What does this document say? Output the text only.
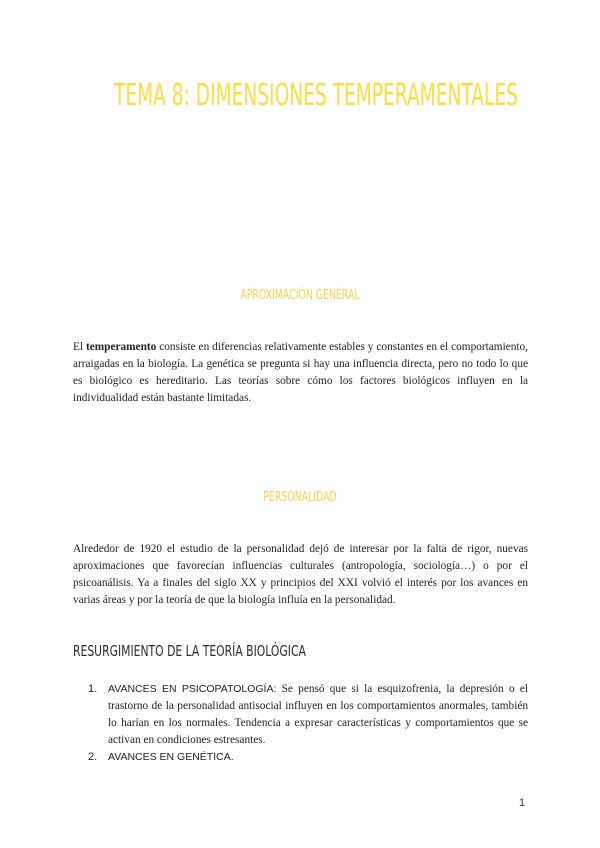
TEMA 8: DIMENSIONES TEMPERAMENTALES
APROXIMACIÓN GENERAL
El temperamento consiste en diferencias relativamente estables y constantes en el comportamiento, arraigadas en la biología. La genética se pregunta si hay una influencia directa, pero no todo lo que es biológico es hereditario. Las teorías sobre cómo los factores biológicos influyen en la individualidad están bastante limitadas.
PERSONALIDAD
Alrededor de 1920 el estudio de la personalidad dejó de interesar por la falta de rigor, nuevas aproximaciones que favorecían influencias culturales (antropología, sociología…) o por el psicoanálisis. Ya a finales del siglo XX y principios del XXI volvió el interés por los avances en varias áreas y por la teoría de que la biología influía en la personalidad.
RESURGIMIENTO DE LA TEORÍA BIOLÓGICA
1. AVANCES EN PSICOPATOLOGÍA: Se pensó que si la esquizofrenia, la depresión o el trastorno de la personalidad antisocial influyen en los comportamientos anormales, también lo harían en los normales. Tendencia a expresar características y comportamientos que se activan en condiciones estresantes.
2. AVANCES EN GENÉTICA.
1
